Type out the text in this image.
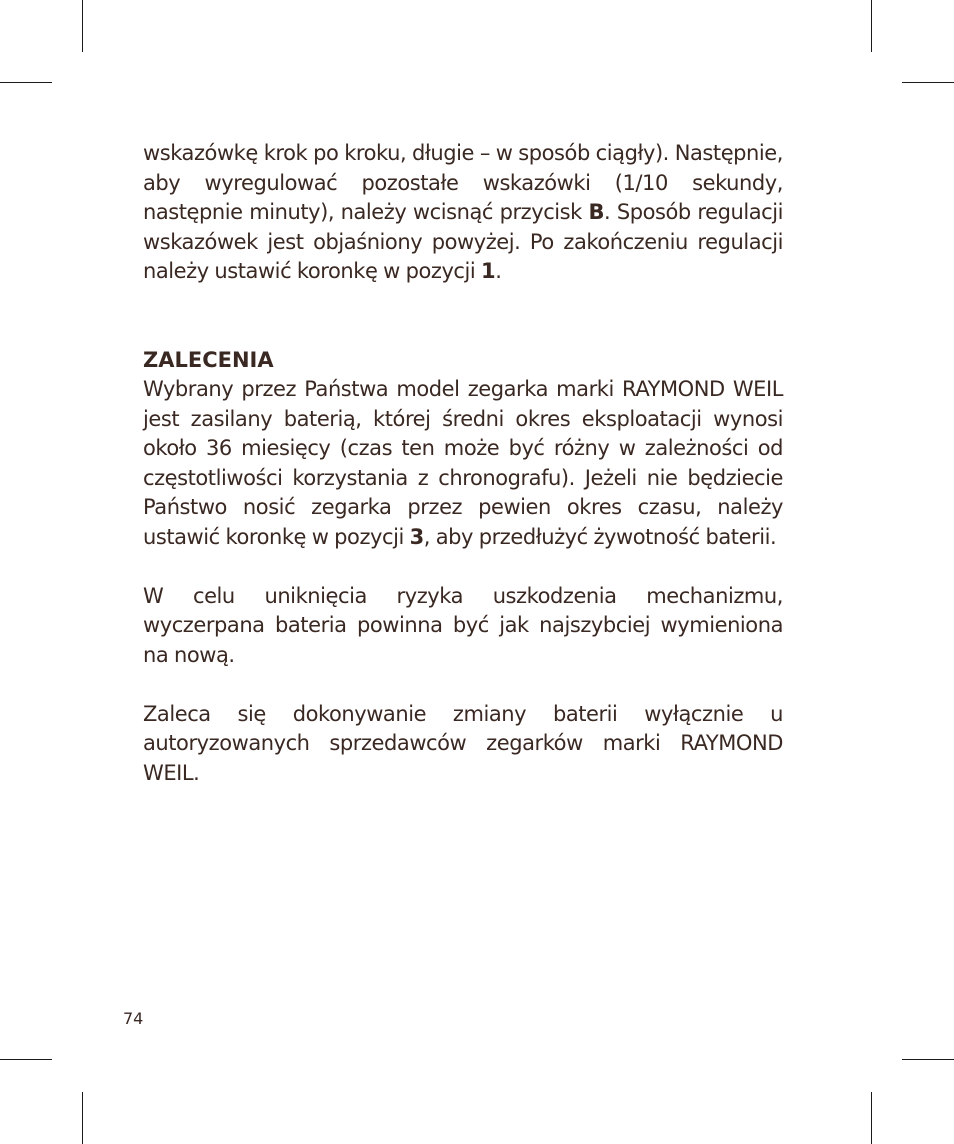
wskazówkę krok po kroku, długie – w sposób ciągły). Następnie, aby wyregulować pozostałe wskazówki (1/10 sekundy, następnie minuty), należy wcisnąć przycisk B. Sposób regulacji wskazówek jest objaśniony powyżej. Po zakończeniu regulacji należy ustawić koronkę w pozycji 1.

ZALECENIA

Wybrany przez Państwa model zegarka marki RAYMOND WEIL jest zasilany baterią, której średni okres eksploatacji wynosi około 36 miesięcy (czas ten może być różny w zależności od częstotliwości korzystania z chronografu). Jeżeli nie będziecie Państwo nosić zegarka przez pewien okres czasu, należy ustawić koronkę w pozycji 3, aby przedłużyć żywotność baterii.

W celu uniknięcia ryzyka uszkodzenia mechanizmu, wyczerpana bateria powinna być jak najszybciej wymieniona na nową.

Zaleca się dokonywanie zmiany baterii wyłącznie u autoryzowanych sprzedawców zegarków marki RAYMOND WEIL.

74
